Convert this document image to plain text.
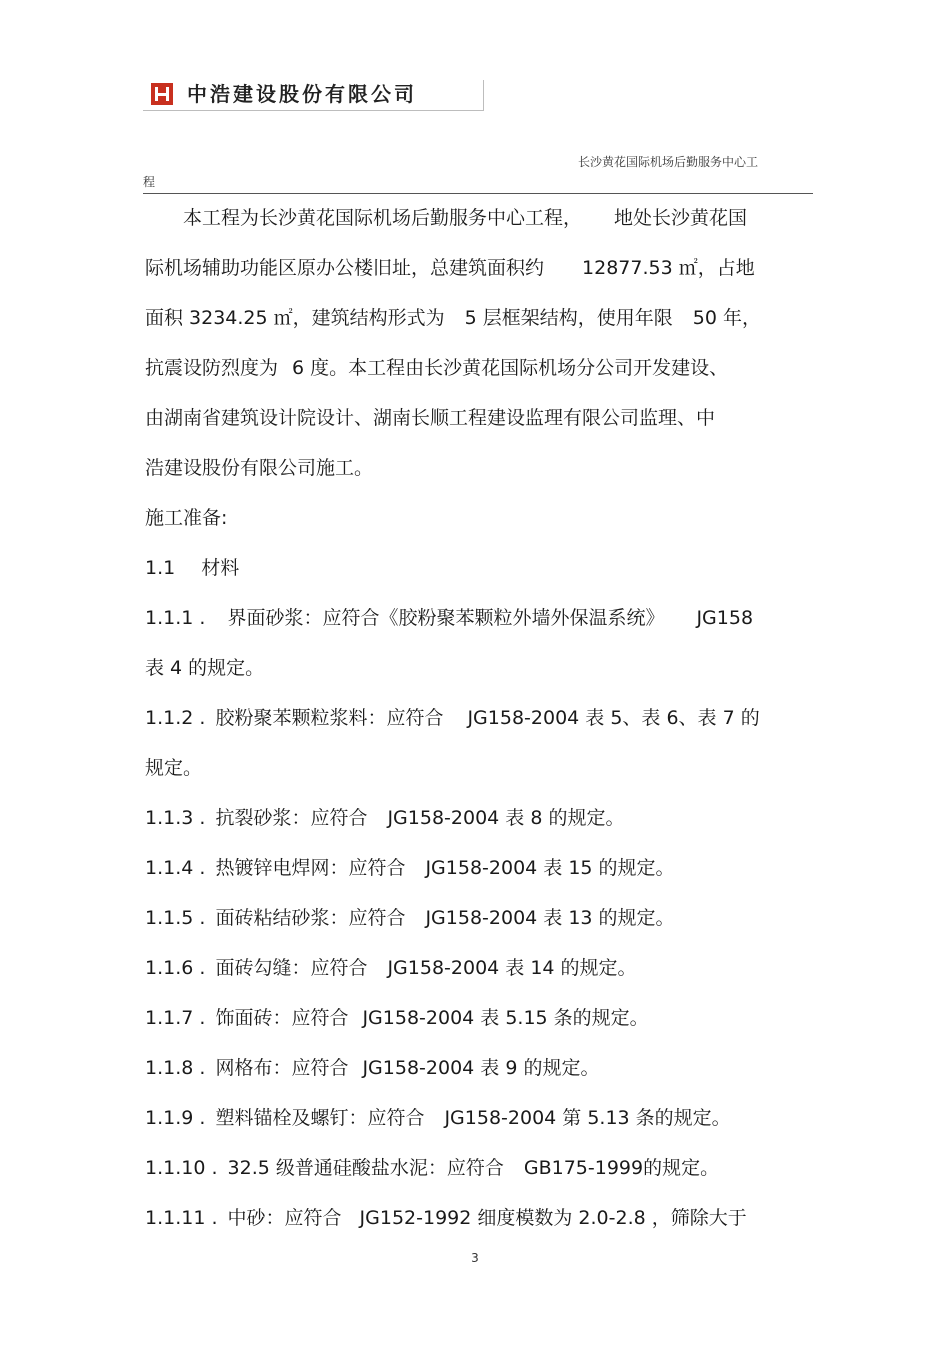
中浩建设股份有限公司
长沙黄花国际机场后勤服务中心工
程
本工程为长沙黄花国际机场后勤服务中心工程， 地处长沙黄花国
际机场辅助功能区原办公楼旧址，总建筑面积约 12877.53 ㎡，占地
面积 3234.25 ㎡，建筑结构形式为 5 层框架结构，使用年限 50 年，
抗震设防烈度为 6 度。本工程由长沙黄花国际机场分公司开发建设、
由湖南省建筑设计院设计、湖南长顺工程建设监理有限公司监理、中
浩建设股份有限公司施工。
施工准备:
1.1 材料
1.1.1 . 界面砂浆：应符合《胶粉聚苯颗粒外墙外保温系统》 JG158
表 4 的规定。
1.1.2 . 胶粉聚苯颗粒浆料：应符合 JG158-2004 表 5、表 6、表 7 的
规定。
1.1.3 . 抗裂砂浆：应符合 JG158-2004 表 8 的规定。
1.1.4 . 热镀锌电焊网：应符合 JG158-2004 表 15 的规定。
1.1.5 . 面砖粘结砂浆：应符合 JG158-2004 表 13 的规定。
1.1.6 . 面砖勾缝：应符合 JG158-2004 表 14 的规定。
1.1.7 . 饰面砖：应符合 JG158-2004 表 5.15 条的规定。
1.1.8 . 网格布：应符合 JG158-2004 表 9 的规定。
1.1.9 . 塑料锚栓及螺钉：应符合 JG158-2004 第 5.13 条的规定。
1.1.10 . 32.5 级普通硅酸盐水泥：应符合 GB175-1999的规定。
1.1.11 . 中砂：应符合 JG152-1992 细度模数为 2.0-2.8 ，筛除大于
3
